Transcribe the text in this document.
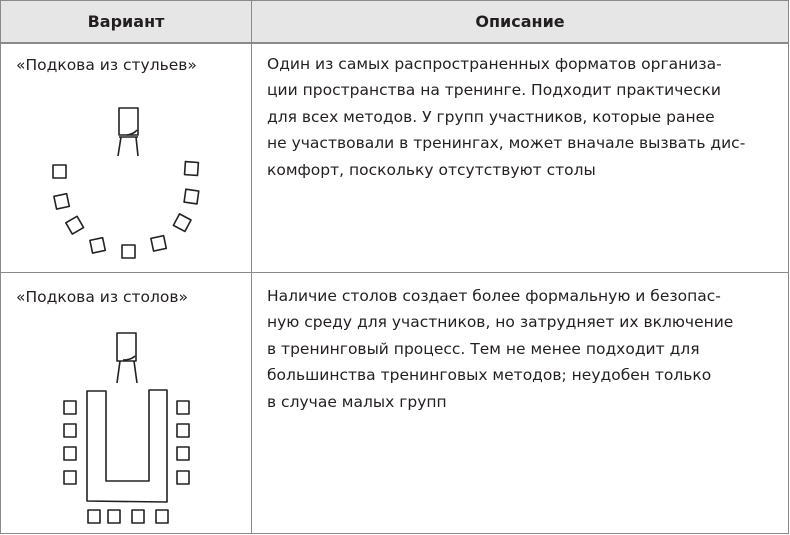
Вариант	Описание
«Подкова из стульев»	Один из самых распространенных форматов организа-
ции пространства на тренинге. Подходит практически
для всех методов. У групп участников, которые ранее
не участвовали в тренингах, может вначале вызвать дис-
комфорт, поскольку отсутствуют столы
«Подкова из столов»	Наличие столов создает более формальную и безопас-
ную среду для участников, но затрудняет их включение
в тренинговый процесс. Тем не менее подходит для
большинства тренинговых методов; неудобен только
в случае малых групп
